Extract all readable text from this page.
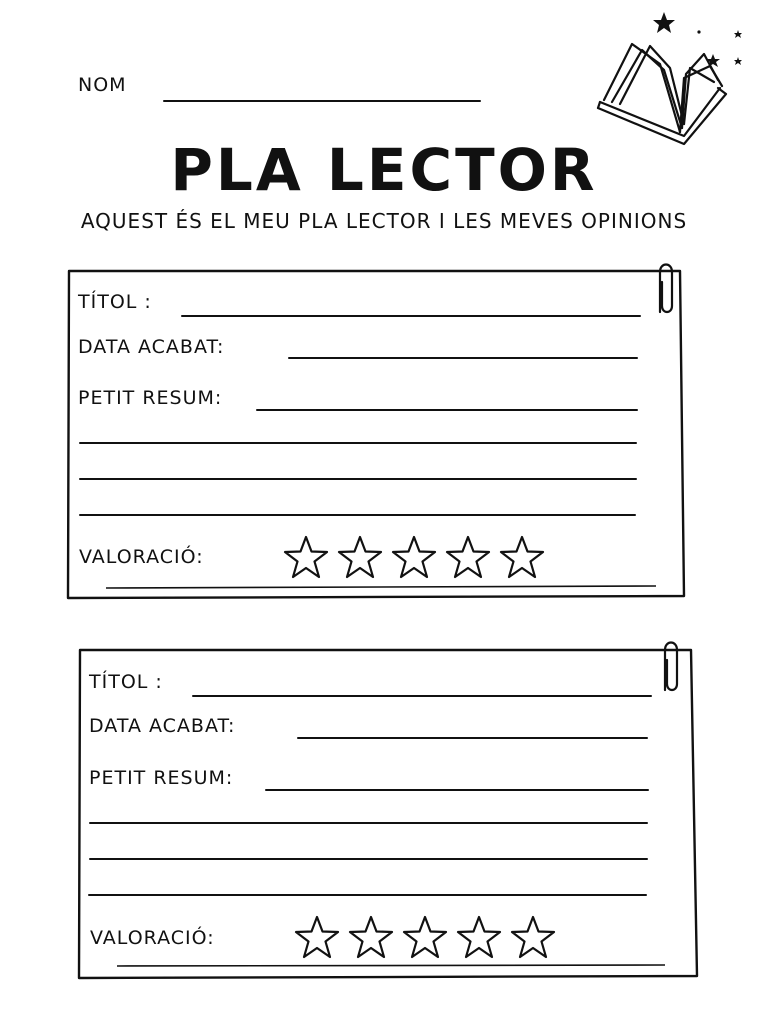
NOM
PLA LECTOR
AQUEST ÉS EL MEU PLA LECTOR I LES MEVES OPINIONS
TÍTOL :
DATA ACABAT:
PETIT RESUM:
VALORACIÓ:
TÍTOL :
DATA ACABAT:
PETIT RESUM:
VALORACIÓ:
